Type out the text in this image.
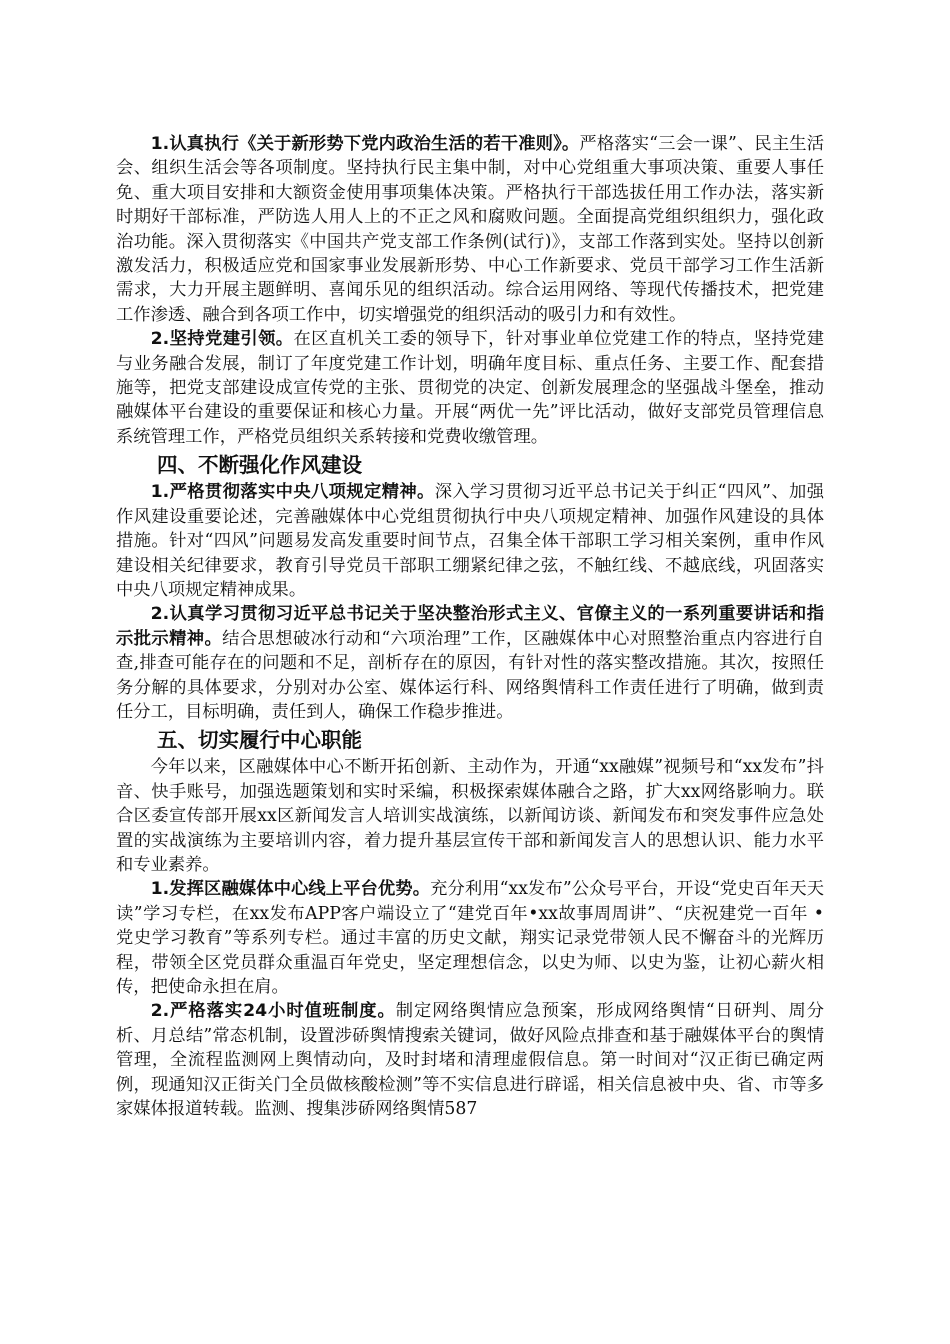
1.认真执行《关于新形势下党内政治生活的若干准则》。严格落实“三会一课”、民主生活会、组织生活会等各项制度。坚持执行民主集中制，对中心党组重大事项决策、重要人事任免、重大项目安排和大额资金使用事项集体决策。严格执行干部选拔任用工作办法，落实新时期好干部标准，严防选人用人上的不正之风和腐败问题。全面提高党组织组织力，强化政治功能。深入贯彻落实《中国共产党支部工作条例(试行)》，支部工作落到实处。坚持以创新激发活力，积极适应党和国家事业发展新形势、中心工作新要求、党员干部学习工作生活新需求，大力开展主题鲜明、喜闻乐见的组织活动。综合运用网络、等现代传播技术，把党建工作渗透、融合到各项工作中，切实增强党的组织活动的吸引力和有效性。

2.坚持党建引领。在区直机关工委的领导下，针对事业单位党建工作的特点，坚持党建与业务融合发展，制订了年度党建工作计划，明确年度目标、重点任务、主要工作、配套措施等，把党支部建设成宣传党的主张、贯彻党的决定、创新发展理念的坚强战斗堡垒，推动融媒体平台建设的重要保证和核心力量。开展“两优一先”评比活动，做好支部党员管理信息系统管理工作，严格党员组织关系转接和党费收缴管理。

四、不断强化作风建设

1.严格贯彻落实中央八项规定精神。深入学习贯彻习近平总书记关于纠正“四风”、加强作风建设重要论述，完善融媒体中心党组贯彻执行中央八项规定精神、加强作风建设的具体措施。针对“四风”问题易发高发重要时间节点，召集全体干部职工学习相关案例，重申作风建设相关纪律要求，教育引导党员干部职工绷紧纪律之弦，不触红线、不越底线，巩固落实中央八项规定精神成果。

2.认真学习贯彻习近平总书记关于坚决整治形式主义、官僚主义的一系列重要讲话和指示批示精神。结合思想破冰行动和“六项治理”工作，区融媒体中心对照整治重点内容进行自查,排查可能存在的问题和不足，剖析存在的原因，有针对性的落实整改措施。其次，按照任务分解的具体要求，分别对办公室、媒体运行科、网络舆情科工作责任进行了明确，做到责任分工，目标明确，责任到人，确保工作稳步推进。

五、切实履行中心职能

今年以来，区融媒体中心不断开拓创新、主动作为，开通“xx融媒”视频号和“xx发布”抖音、快手账号，加强选题策划和实时采编，积极探索媒体融合之路，扩大xx网络影响力。联合区委宣传部开展xx区新闻发言人培训实战演练，以新闻访谈、新闻发布和突发事件应急处置的实战演练为主要培训内容，着力提升基层宣传干部和新闻发言人的思想认识、能力水平和专业素养。

1.发挥区融媒体中心线上平台优势。充分利用“xx发布”公众号平台，开设“党史百年天天读”学习专栏，在xx发布APP客户端设立了“建党百年•xx故事周周讲”、“庆祝建党一百年 • 党史学习教育”等系列专栏。通过丰富的历史文献，翔实记录党带领人民不懈奋斗的光辉历程，带领全区党员群众重温百年党史，坚定理想信念，以史为师、以史为鉴，让初心薪火相传，把使命永担在肩。

2.严格落实24小时值班制度。制定网络舆情应急预案，形成网络舆情“日研判、周分析、月总结”常态机制，设置涉硚舆情搜索关键词，做好风险点排查和基于融媒体平台的舆情管理，全流程监测网上舆情动向，及时封堵和清理虚假信息。第一时间对“汉正街已确定两例，现通知汉正街关门全员做核酸检测”等不实信息进行辟谣，相关信息被中央、省、市等多家媒体报道转载。监测、搜集涉硚网络舆情587
